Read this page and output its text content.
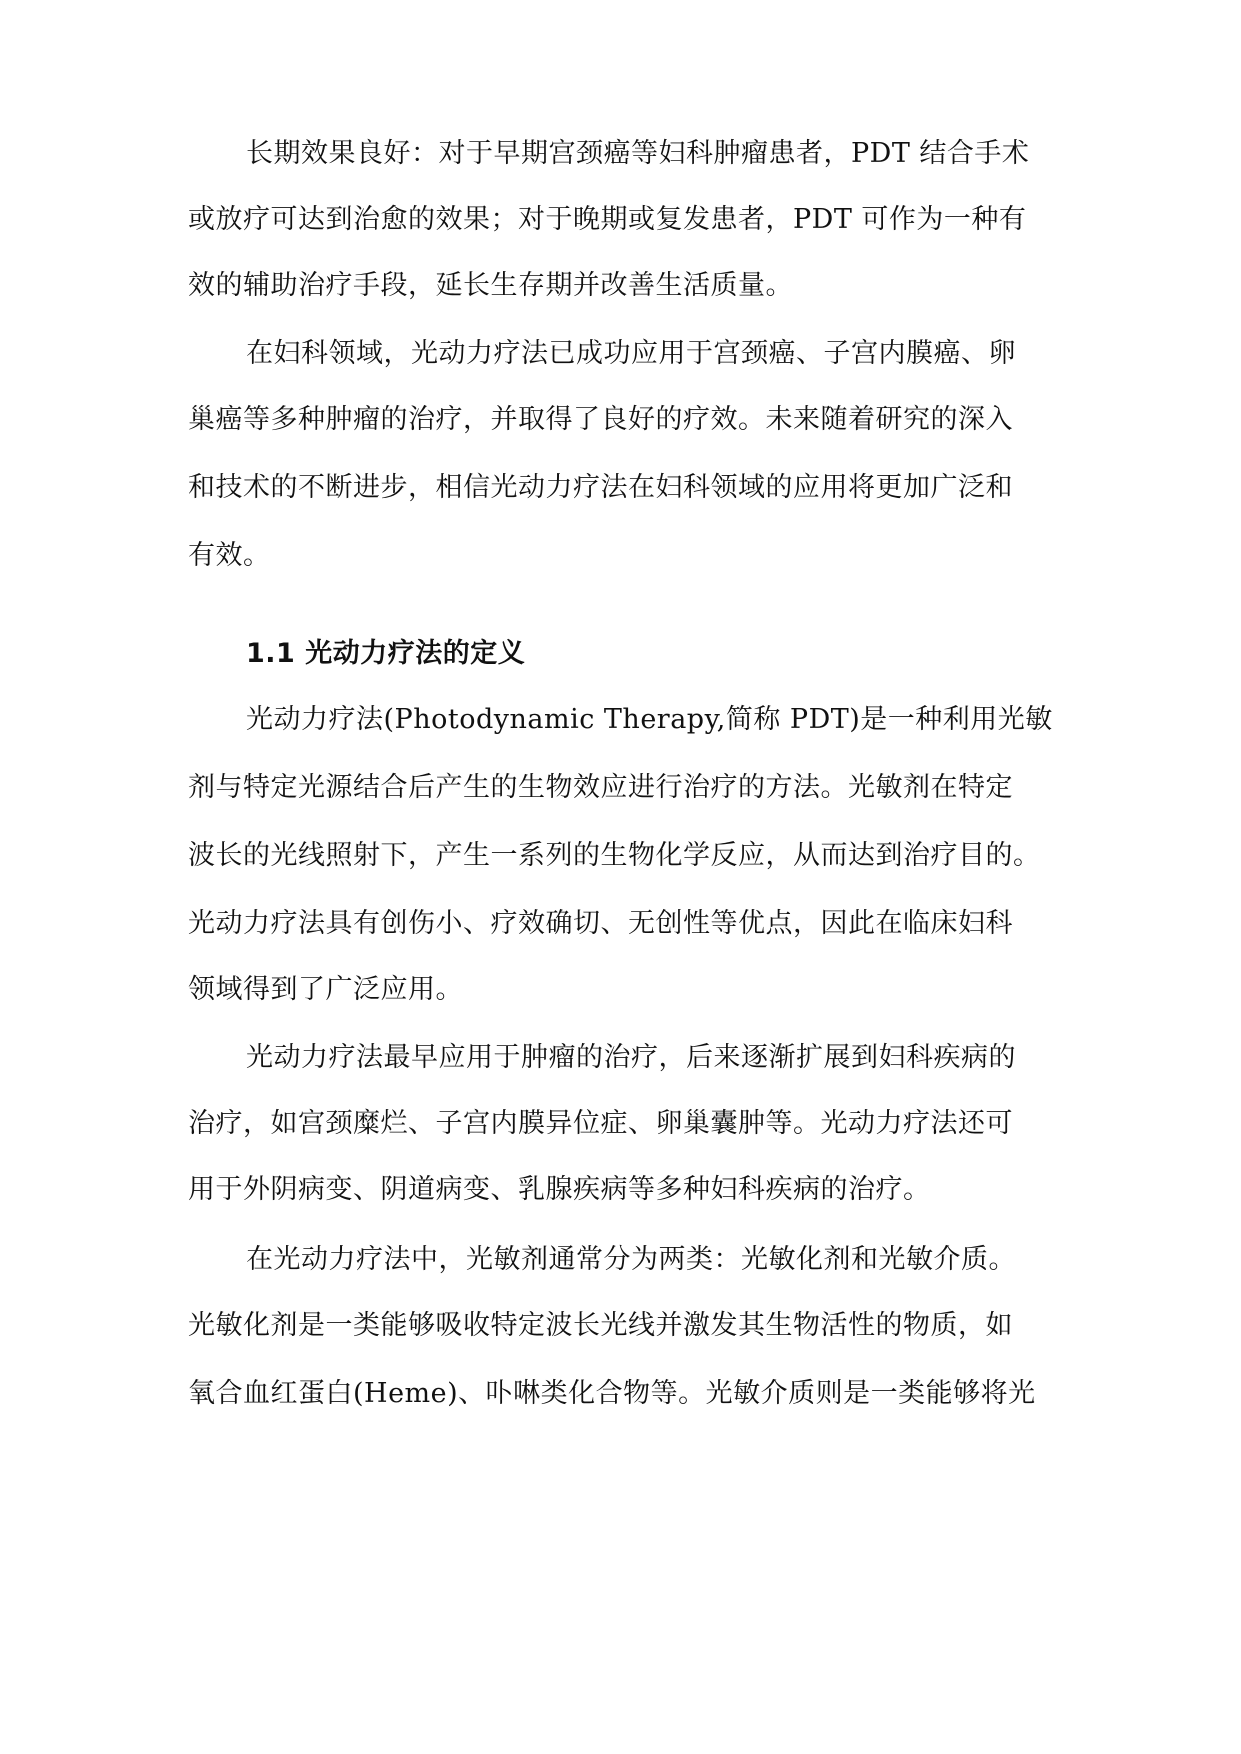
长期效果良好：对于早期宫颈癌等妇科肿瘤患者，PDT 结合手术
或放疗可达到治愈的效果；对于晚期或复发患者，PDT 可作为一种有
效的辅助治疗手段，延长生存期并改善生活质量。
在妇科领域，光动力疗法已成功应用于宫颈癌、子宫内膜癌、卵
巢癌等多种肿瘤的治疗，并取得了良好的疗效。未来随着研究的深入
和技术的不断进步，相信光动力疗法在妇科领域的应用将更加广泛和
有效。
1.1 光动力疗法的定义
光动力疗法(Photodynamic Therapy,简称 PDT)是一种利用光敏
剂与特定光源结合后产生的生物效应进行治疗的方法。光敏剂在特定
波长的光线照射下，产生一系列的生物化学反应，从而达到治疗目的。
光动力疗法具有创伤小、疗效确切、无创性等优点，因此在临床妇科
领域得到了广泛应用。
光动力疗法最早应用于肿瘤的治疗，后来逐渐扩展到妇科疾病的
治疗，如宫颈糜烂、子宫内膜异位症、卵巢囊肿等。光动力疗法还可
用于外阴病变、阴道病变、乳腺疾病等多种妇科疾病的治疗。
在光动力疗法中，光敏剂通常分为两类：光敏化剂和光敏介质。
光敏化剂是一类能够吸收特定波长光线并激发其生物活性的物质，如
氧合血红蛋白(Heme)、卟啉类化合物等。光敏介质则是一类能够将光
